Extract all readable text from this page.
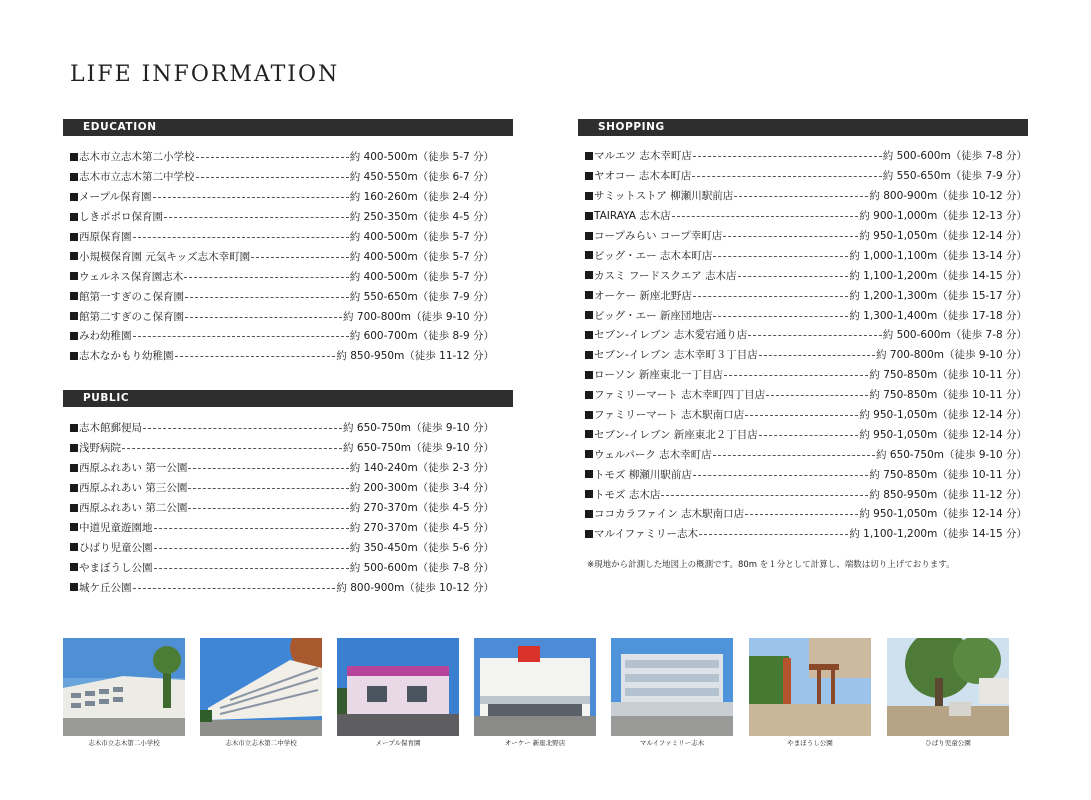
LIFE INFORMATION
EDUCATION
志木市立志木第二小学校	約 400-500m（徒歩 5-7 分）
志木市立志木第二中学校	約 450-550m（徒歩 6-7 分）
メープル保育園	約 160-260m（徒歩 2-4 分）
しきポポロ保育園	約 250-350m（徒歩 4-5 分）
西原保育園	約 400-500m（徒歩 5-7 分）
小規模保育園 元気キッズ志木幸町園	約 400-500m（徒歩 5-7 分）
ウェルネス保育園志木	約 400-500m（徒歩 5-7 分）
館第一すぎのこ保育園	約 550-650m（徒歩 7-9 分）
館第二すぎのこ保育園	約 700-800m（徒歩 9-10 分）
みわ幼稚園	約 600-700m（徒歩 8-9 分）
志木なかもり幼稚園	約 850-950m（徒歩 11-12 分）
PUBLIC
志木館郵便局	約 650-750m（徒歩 9-10 分）
浅野病院	約 650-750m（徒歩 9-10 分）
西原ふれあい 第一公園	約 140-240m（徒歩 2-3 分）
西原ふれあい 第三公園	約 200-300m（徒歩 3-4 分）
西原ふれあい 第二公園	約 270-370m（徒歩 4-5 分）
中道児童遊園地	約 270-370m（徒歩 4-5 分）
ひばり児童公園	約 350-450m（徒歩 5-6 分）
やまぼうし公園	約 500-600m（徒歩 7-8 分）
城ケ丘公園	約 800-900m（徒歩 10-12 分）
SHOPPING
マルエツ 志木幸町店	約 500-600m（徒歩 7-8 分）
ヤオコー 志木本町店	約 550-650m（徒歩 7-9 分）
サミットストア 柳瀬川駅前店	約 800-900m（徒歩 10-12 分）
TAIRAYA 志木店	約 900-1,000m（徒歩 12-13 分）
コープみらい コープ幸町店	約 950-1,050m（徒歩 12-14 分）
ビッグ・エー 志木本町店	約 1,000-1,100m（徒歩 13-14 分）
カスミ フードスクエア 志木店	約 1,100-1,200m（徒歩 14-15 分）
オーケー 新座北野店	約 1,200-1,300m（徒歩 15-17 分）
ビッグ・エー 新座団地店	約 1,300-1,400m（徒歩 17-18 分）
セブン-イレブン 志木愛宕通り店	約 500-600m（徒歩 7-8 分）
セブン-イレブン 志木幸町３丁目店	約 700-800m（徒歩 9-10 分）
ローソン 新座東北一丁目店	約 750-850m（徒歩 10-11 分）
ファミリーマート 志木幸町四丁目店	約 750-850m（徒歩 10-11 分）
ファミリーマート 志木駅南口店	約 950-1,050m（徒歩 12-14 分）
セブン-イレブン 新座東北２丁目店	約 950-1,050m（徒歩 12-14 分）
ウェルパーク 志木幸町店	約 650-750m（徒歩 9-10 分）
トモズ 柳瀬川駅前店	約 750-850m（徒歩 10-11 分）
トモズ 志木店	約 850-950m（徒歩 11-12 分）
ココカラファイン 志木駅南口店	約 950-1,050m（徒歩 12-14 分）
マルイファミリー志木	約 1,100-1,200m（徒歩 14-15 分）

※現地から計測した地図上の概測です。80m を１分として計算し、端数は切り上げております。

志木市立志木第二小学校	志木市立志木第二中学校	メープル保育園	オーケー 新座北野店	マルイファミリー志木	やまぼうし公園	ひばり児童公園
